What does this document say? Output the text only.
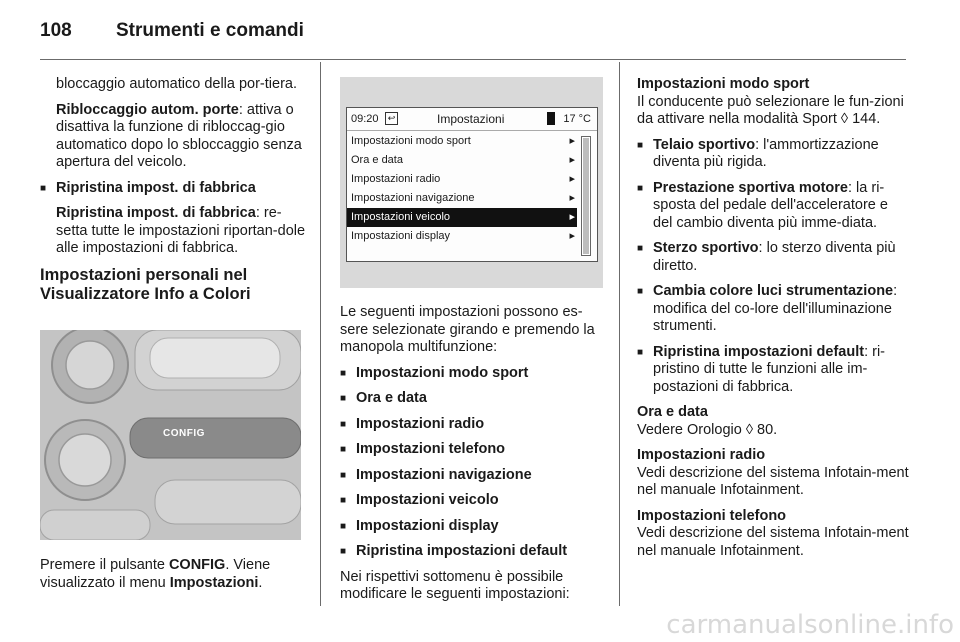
108 Strumenti e comandi

bloccaggio automatico della por-tiera.

Ribloccaggio autom. porte: attiva o disattiva la funzione di ribloccag-gio automatico dopo lo sbloccaggio senza apertura del veicolo.

■ Ripristina impost. di fabbrica

Ripristina impost. di fabbrica: re-setta tutte le impostazioni riportan-dole alle impostazioni di fabbrica.

Impostazioni personali nel Visualizzatore Info a Colori
CONFIG
Premere il pulsante CONFIG. Viene visualizzato il menu Impostazioni.
09:20	↩	Impostazioni	17 °C
Impostazioni modo sport	▸
Ora e data	▸
Impostazioni radio	▸
Impostazioni navigazione	▸
Impostazioni veicolo	▸
Impostazioni display	▸

Le seguenti impostazioni possono es-sere selezionate girando e premendo la manopola multifunzione:

■ Impostazioni modo sport
■ Ora e data
■ Impostazioni radio
■ Impostazioni telefono
■ Impostazioni navigazione
■ Impostazioni veicolo
■ Impostazioni display
■ Ripristina impostazioni default

Nei rispettivi sottomenu è possibile modificare le seguenti impostazioni:

Impostazioni modo sport

Il conducente può selezionare le fun-zioni da attivare nella modalità Sport ◊ 144.

■ Telaio sportivo: l'ammortizzazione diventa più rigida.
■ Prestazione sportiva motore: la ri-sposta del pedale dell'acceleratore e del cambio diventa più imme-diata.
■ Sterzo sportivo: lo sterzo diventa più diretto.
■ Cambia colore luci strumentazione: modifica del co-lore dell'illuminazione strumenti.
■ Ripristina impostazioni default: ri-pristino di tutte le funzioni alle im-postazioni di fabbrica.
Ora e data

Vedere Orologio ◊ 80.

Impostazioni radio

Vedi descrizione del sistema Infotain-ment nel manuale Infotainment.

Impostazioni telefono

Vedi descrizione del sistema Infotain-ment nel manuale Infotainment.

carmanualsonline.info
